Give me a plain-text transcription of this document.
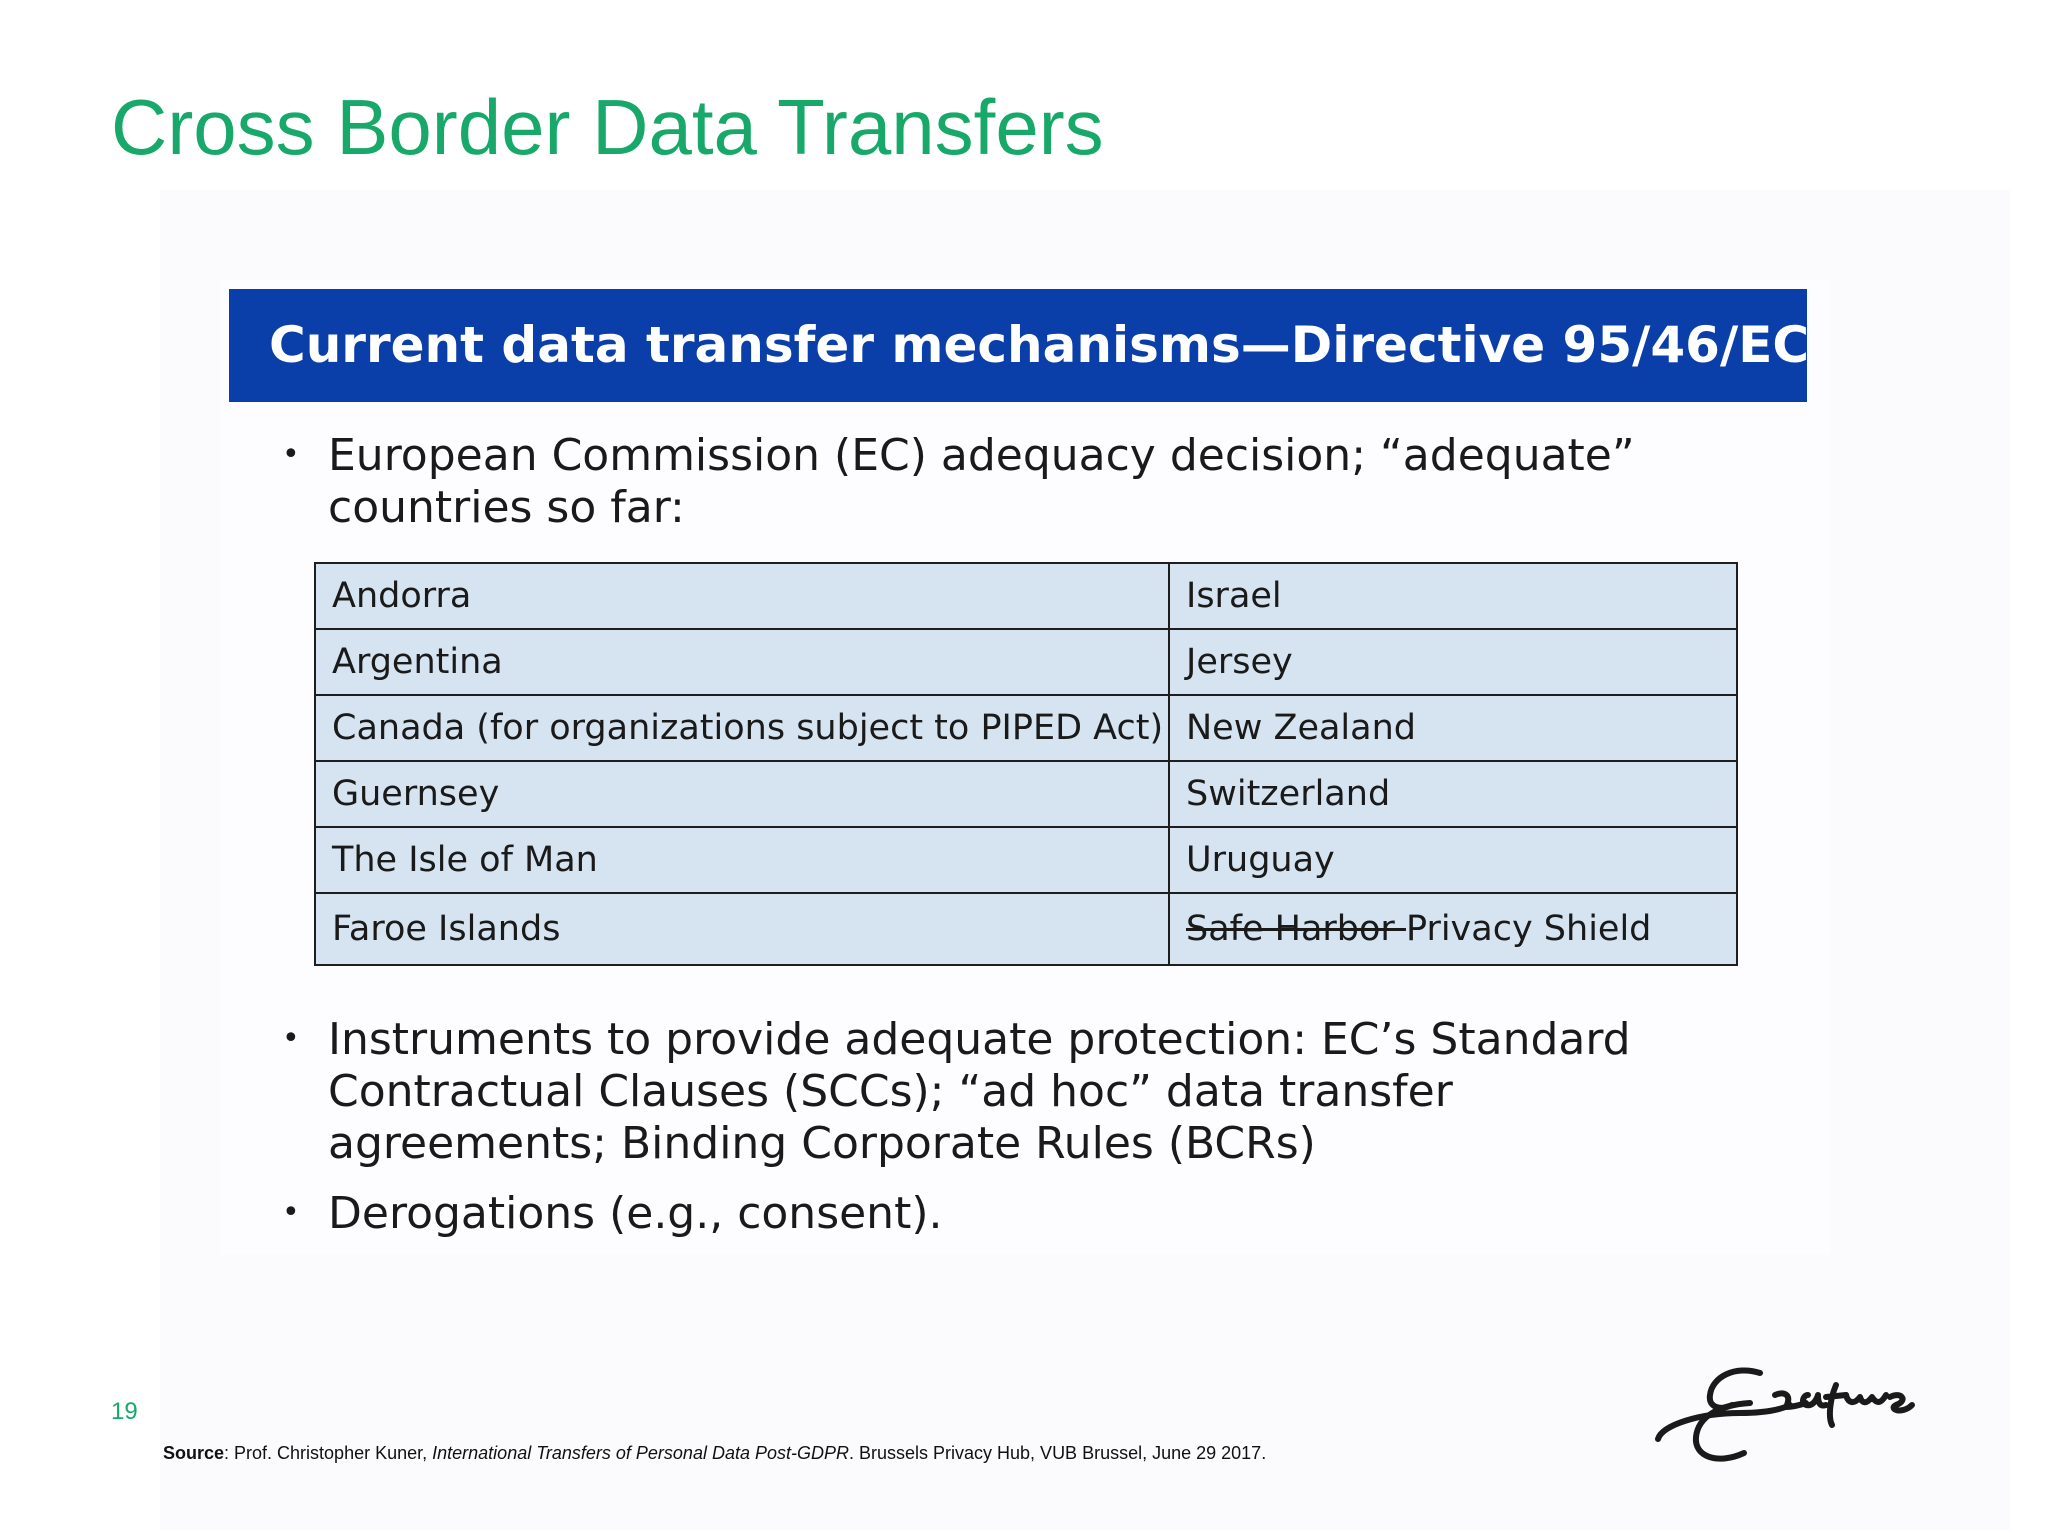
Cross Border Data Transfers
Current data transfer mechanisms—Directive 95/46/EC
• European Commission (EC) adequacy decision; “adequate”
countries so far:
Andorra	Israel
Argentina	Jersey
Canada (for organizations subject to PIPED Act)	New Zealand
Guernsey	Switzerland
The Isle of Man	Uruguay
Faroe Islands	Safe Harbor Privacy Shield
• Instruments to provide adequate protection: EC’s Standard
Contractual Clauses (SCCs); “ad hoc” data transfer
agreements; Binding Corporate Rules (BCRs)
• Derogations (e.g., consent).
19
Source: Prof. Christopher Kuner, International Transfers of Personal Data Post-GDPR. Brussels Privacy Hub, VUB Brussel, June 29 2017.
